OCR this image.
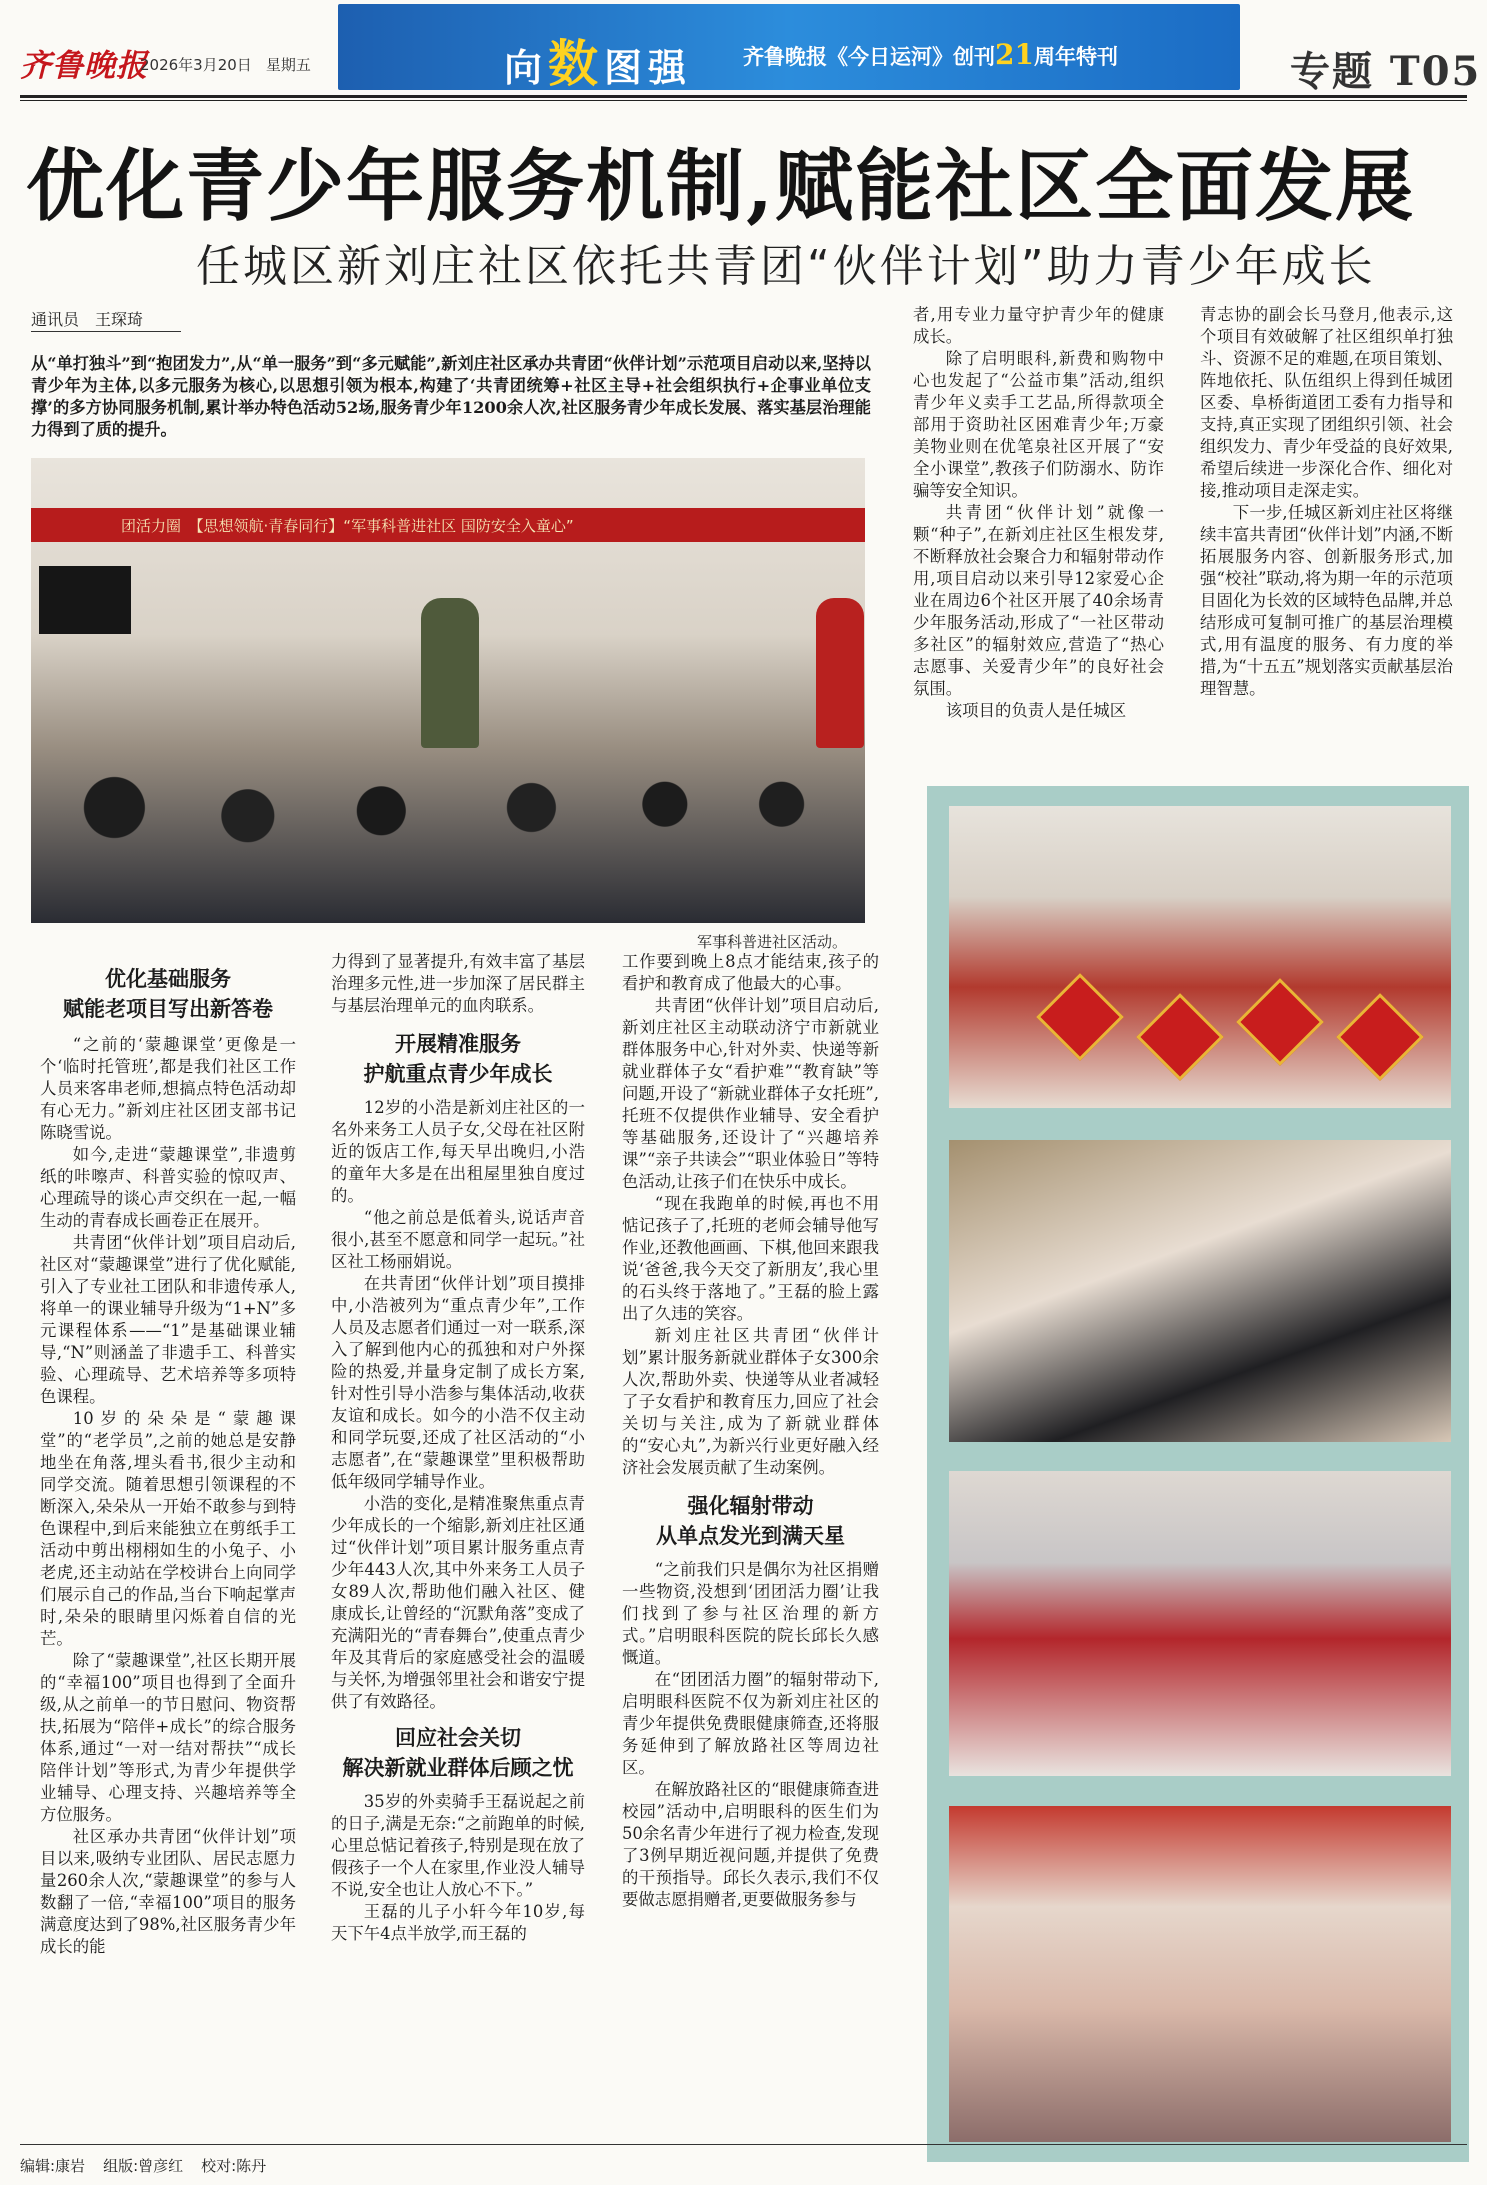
齐鲁晚报
2026年3月20日 星期五	向数图强 齐鲁晚报《今日运河》创刊21周年特刊	专题 T05
优化青少年服务机制,赋能社区全面发展
任城区新刘庄社区依托共青团“伙伴计划”助力青少年成长
通讯员　王琛琦
从“单打独斗”到“抱团发力”,从“单一服务”到“多元赋能”,新刘庄社区承办共青团“伙伴计划”示范项目启动以来,坚持以青少年为主体,以多元服务为核心,以思想引领为根本,构建了‘共青团统筹+社区主导+社会组织执行+企事业单位支撑’的多方协同服务机制,累计举办特色活动52场,服务青少年1200余人次,社区服务青少年成长发展、落实基层治理能力得到了质的提升。
团活力圈　 【思想领航·青春同行】“军事科普进社区 国防安全入童心”
军事科普进社区活动。

者,用专业力量守护青少年的健康成长。

除了启明眼科,新费和购物中心也发起了“公益市集”活动,组织青少年义卖手工艺品,所得款项全部用于资助社区困难青少年;万豪美物业则在优笔泉社区开展了“安全小课堂”,教孩子们防溺水、防诈骗等安全知识。

共青团“伙伴计划”就像一颗“种子”,在新刘庄社区生根发芽,不断释放社会聚合力和辐射带动作用,项目启动以来引导12家爱心企业在周边6个社区开展了40余场青少年服务活动,形成了“一社区带动多社区”的辐射效应,营造了“热心志愿事、关爱青少年”的良好社会氛围。

该项目的负责人是任城区

青志协的副会长马登月,他表示,这个项目有效破解了社区组织单打独斗、资源不足的难题,在项目策划、阵地依托、队伍组织上得到任城团区委、阜桥街道团工委有力指导和支持,真正实现了团组织引领、社会组织发力、青少年受益的良好效果,希望后续进一步深化合作、细化对接,推动项目走深走实。

下一步,任城区新刘庄社区将继续丰富共青团“伙伴计划”内涵,不断拓展服务内容、创新服务形式,加强“校社”联动,将为期一年的示范项目固化为长效的区域特色品牌,并总结形成可复制可推广的基层治理模式,用有温度的服务、有力度的举措,为“十五五”规划落实贡献基层治理智慧。

优化基础服务
赋能老项目写出新答卷

“之前的‘蒙趣课堂’更像是一个‘临时托管班’,都是我们社区工作人员来客串老师,想搞点特色活动却有心无力。”新刘庄社区团支部书记陈晓雪说。

如今,走进“蒙趣课堂”,非遗剪纸的咔嚓声、科普实验的惊叹声、心理疏导的谈心声交织在一起,一幅生动的青春成长画卷正在展开。

共青团“伙伴计划”项目启动后,社区对“蒙趣课堂”进行了优化赋能,引入了专业社工团队和非遗传承人,将单一的课业辅导升级为“1+N”多元课程体系——“1”是基础课业辅导,“N”则涵盖了非遗手工、科普实验、心理疏导、艺术培养等多项特色课程。

10岁的朵朵是“蒙趣课堂”的“老学员”,之前的她总是安静地坐在角落,埋头看书,很少主动和同学交流。随着思想引领课程的不断深入,朵朵从一开始不敢参与到特色课程中,到后来能独立在剪纸手工活动中剪出栩栩如生的小兔子、小老虎,还主动站在学校讲台上向同学们展示自己的作品,当台下响起掌声时,朵朵的眼睛里闪烁着自信的光芒。

除了“蒙趣课堂”,社区长期开展的“幸福100”项目也得到了全面升级,从之前单一的节日慰问、物资帮扶,拓展为“陪伴+成长”的综合服务体系,通过“一对一结对帮扶”“成长陪伴计划”等形式,为青少年提供学业辅导、心理支持、兴趣培养等全方位服务。

社区承办共青团“伙伴计划”项目以来,吸纳专业团队、居民志愿力量260余人次,“蒙趣课堂”的参与人数翻了一倍,“幸福100”项目的服务满意度达到了98%,社区服务青少年成长的能

力得到了显著提升,有效丰富了基层治理多元性,进一步加深了居民群主与基层治理单元的血肉联系。

开展精准服务
护航重点青少年成长

12岁的小浩是新刘庄社区的一名外来务工人员子女,父母在社区附近的饭店工作,每天早出晚归,小浩的童年大多是在出租屋里独自度过的。

“他之前总是低着头,说话声音很小,甚至不愿意和同学一起玩。”社区社工杨丽娟说。

在共青团“伙伴计划”项目摸排中,小浩被列为“重点青少年”,工作人员及志愿者们通过一对一联系,深入了解到他内心的孤独和对户外探险的热爱,并量身定制了成长方案,针对性引导小浩参与集体活动,收获友谊和成长。如今的小浩不仅主动和同学玩耍,还成了社区活动的“小志愿者”,在“蒙趣课堂”里积极帮助低年级同学辅导作业。

小浩的变化,是精准聚焦重点青少年成长的一个缩影,新刘庄社区通过“伙伴计划”项目累计服务重点青少年443人次,其中外来务工人员子女89人次,帮助他们融入社区、健康成长,让曾经的“沉默角落”变成了充满阳光的“青春舞台”,使重点青少年及其背后的家庭感受社会的温暖与关怀,为增强邻里社会和谐安宁提供了有效路径。

回应社会关切
解决新就业群体后顾之忧

35岁的外卖骑手王磊说起之前的日子,满是无奈:“之前跑单的时候,心里总惦记着孩子,特别是现在放了假孩子一个人在家里,作业没人辅导不说,安全也让人放心不下。”

王磊的儿子小轩今年10岁,每天下午4点半放学,而王磊的

工作要到晚上8点才能结束,孩子的看护和教育成了他最大的心事。

共青团“伙伴计划”项目启动后,新刘庄社区主动联动济宁市新就业群体服务中心,针对外卖、快递等新就业群体子女“看护难”“教育缺”等问题,开设了“新就业群体子女托班”,托班不仅提供作业辅导、安全看护等基础服务,还设计了“兴趣培养课”“亲子共读会”“职业体验日”等特色活动,让孩子们在快乐中成长。

“现在我跑单的时候,再也不用惦记孩子了,托班的老师会辅导他写作业,还教他画画、下棋,他回来跟我说‘爸爸,我今天交了新朋友’,我心里的石头终于落地了。”王磊的脸上露出了久违的笑容。

新刘庄社区共青团“伙伴计划”累计服务新就业群体子女300余人次,帮助外卖、快递等从业者减轻了子女看护和教育压力,回应了社会关切与关注,成为了新就业群体的“安心丸”,为新兴行业更好融入经济社会发展贡献了生动案例。

强化辐射带动
从单点发光到满天星

“之前我们只是偶尔为社区捐赠一些物资,没想到‘团团活力圈’让我们找到了参与社区治理的新方式。”启明眼科医院的院长邱长久感慨道。

在“团团活力圈”的辐射带动下,启明眼科医院不仅为新刘庄社区的青少年提供免费眼健康筛查,还将服务延伸到了解放路社区等周边社区。

在解放路社区的“眼健康筛查进校园”活动中,启明眼科的医生们为50余名青少年进行了视力检查,发现了3例早期近视问题,并提供了免费的干预指导。邱长久表示,我们不仅要做志愿捐赠者,更要做服务参与

编辑:康岩 组版:曾彦红 校对:陈丹
